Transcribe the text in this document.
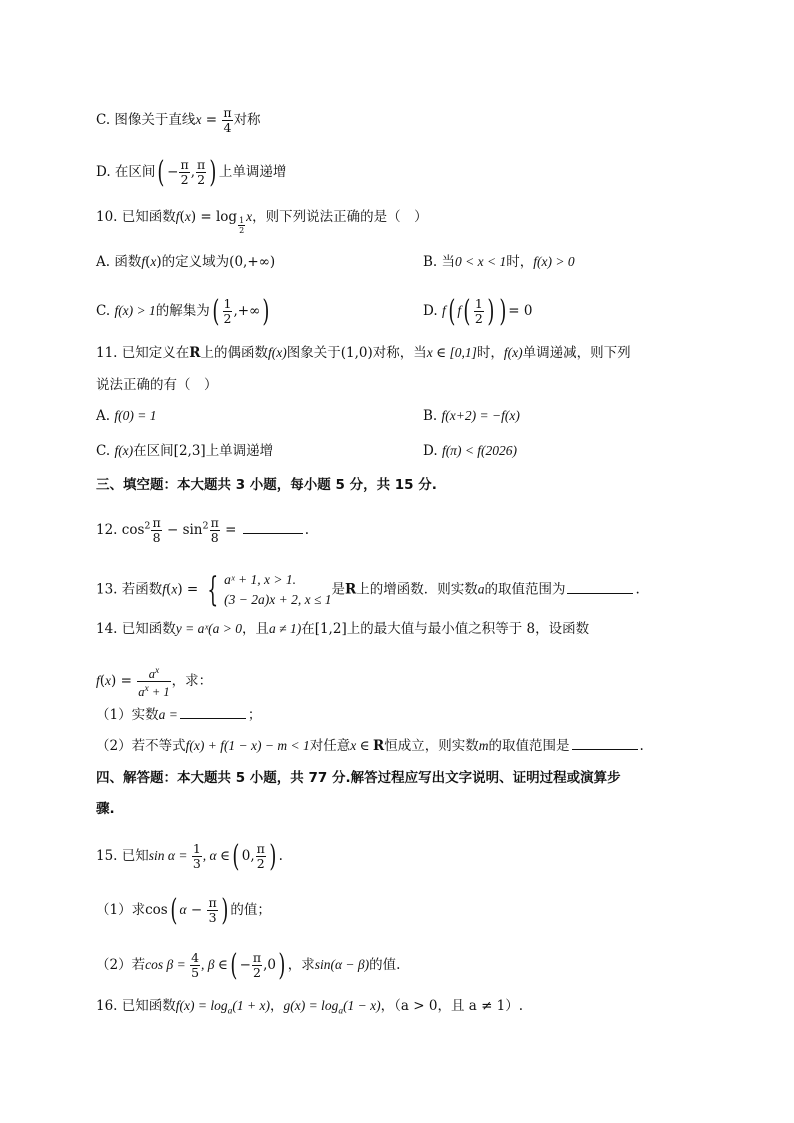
C. 图像关于直线$x = \frac{\pi}{4}$ 对称
D. 在区间( − $\frac{\pi}{2}$ , $\frac{\pi}{2}$ ) 上单调递增
10. 已知函数f(x) = log $_{\frac{1}{2}}$ x，则下列说法正确的是（　）
A. 函数f(x)的定义域为(0,+∞)	B. 当0 < x < 1时，f(x) > 0
C. f(x) > 1的解集为( $\frac{1}{2}$ ,+∞)	D. f( $f( \frac{1}{2}$ ) ) = 0
11. 已知定义在R上的偶函数f(x)图象关于(1,0)对称，当x ∈ [0,1]时，f(x)单调递减，则下列
说法正确的有（　）
A. f(0) = 1	B. f(x+2) = −f(x)
C. f(x)在区间[2,3]上单调递增	D. f(π) < f(2026)
三、填空题：本大题共 3 小题，每小题 5 分，共 15 分.
12. $\cos^2 \frac{\pi}{8} - \sin^2 \frac{\pi}{8}$ =	.
13. 若函数f(x) = { aˣ + 1, x > 1.
(3 − 2a)x + 2, x ≤ 1
是R上的增函数．则实数a的取值范围为	.
14. 已知函数y = aˣ(a > 0，且a ≠ 1)在[1,2]上的最大值与最小值之积等于 8，设函数
$f(x) = \frac{a^x}{a^x + 1}$ ，求：
（1）实数a =	；
（2）若不等式f(x) + f(1 − x) − m < 1对任意x ∈ R恒成立，则实数m的取值范围是	.
四、解答题：本大题共 5 小题，共 77 分.解答过程应写出文字说明、证明过程或演算步
骤.
15. 已知$\sin \alpha = \frac{1}{3}$ , α ∈( 0, $\frac{\pi}{2}$ ) .
（1）求cos( $\alpha - \frac{\pi}{3}$ ) 的值；
（2）若$\cos \beta = \frac{4}{5}$ , β ∈( − $\frac{\pi}{2} ,0$) ，求sin(α − β)的值.
16. 已知函数$f(x) = \log_a(1 + x)$，$g(x) = \log_a(1 - x)$，（a > 0，且 a ≠ 1）.
